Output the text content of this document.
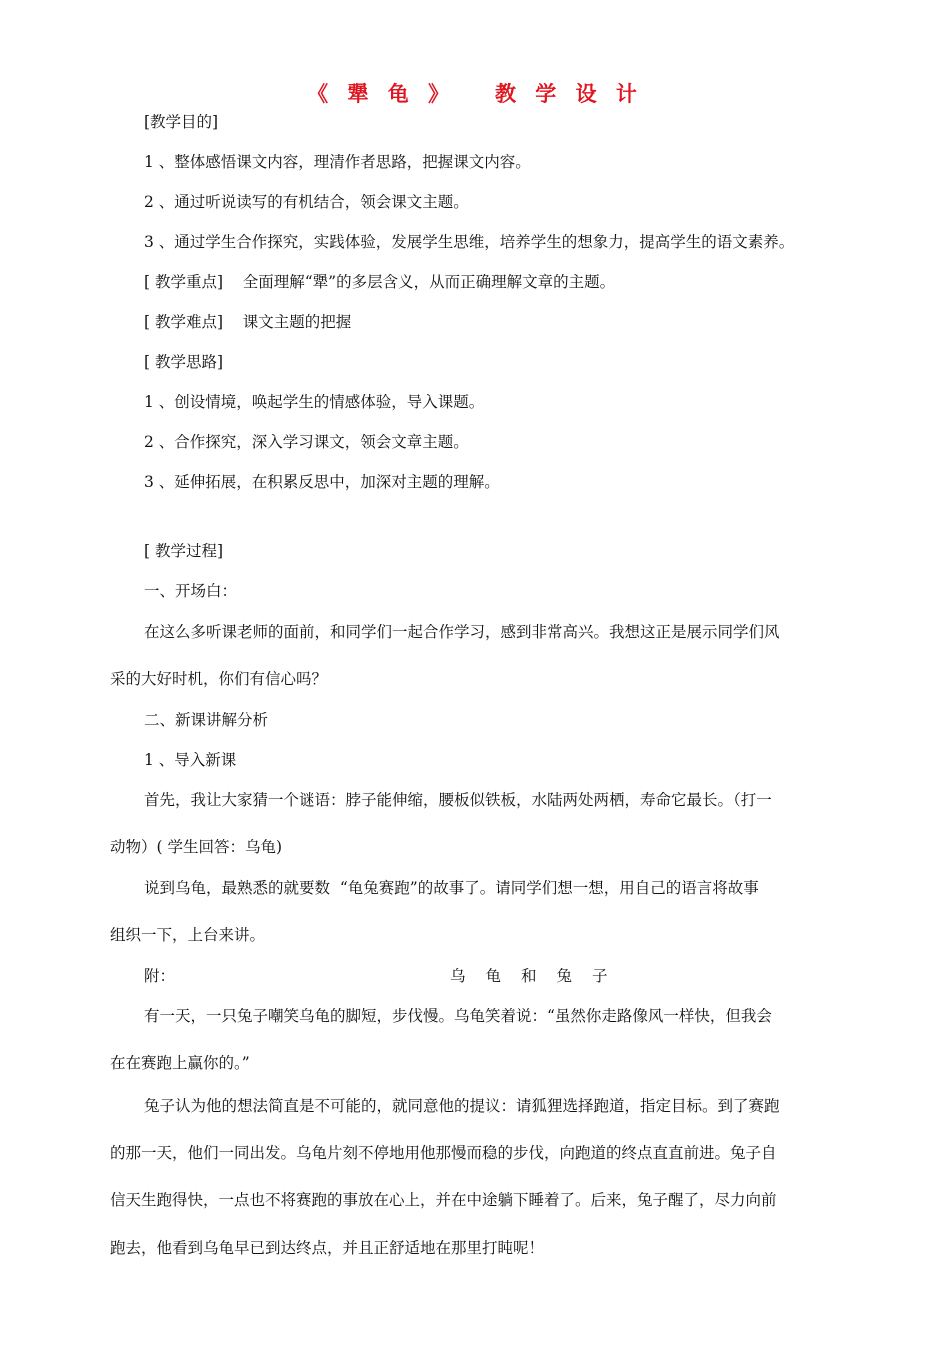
《 犟 龟 》   教 学 设 计
[教学目的]
1 、整体感悟课文内容，理清作者思路，把握课文内容。
2 、通过听说读写的有机结合，领会课文主题。
3 、通过学生合作探究，实践体验，发展学生思维，培养学生的想象力，提高学生的语文素养。
[ 教学重点]    全面理解“犟”的多层含义，从而正确理解文章的主题。
[ 教学难点]    课文主题的把握
[ 教学思路]
1 、创设情境，唤起学生的情感体验，导入课题。
2 、合作探究，深入学习课文，领会文章主题。
3 、延伸拓展，在积累反思中，加深对主题的理解。
[ 教学过程]
一、开场白：
在这么多听课老师的面前，和同学们一起合作学习，感到非常高兴。我想这正是展示同学们风
采的大好时机，你们有信心吗？
二、新课讲解分析
1 、导入新课
首先，我让大家猜一个谜语：脖子能伸缩，腰板似铁板，水陆两处两栖，寿命它最长。（打一
动物）( 学生回答：乌龟)
说到乌龟，最熟悉的就要数  “龟兔赛跑”的故事了。请同学们想一想，用自己的语言将故事
组织一下，上台来讲。
附：	乌龟和兔子
有一天，一只兔子嘲笑乌龟的脚短，步伐慢。乌龟笑着说：“虽然你走路像风一样快，但我会
在在赛跑上赢你的。”
兔子认为他的想法简直是不可能的，就同意他的提议：请狐狸选择跑道，指定目标。到了赛跑
的那一天，他们一同出发。乌龟片刻不停地用他那慢而稳的步伐，向跑道的终点直直前进。兔子自
信天生跑得快，一点也不将赛跑的事放在心上，并在中途躺下睡着了。后来，兔子醒了，尽力向前
跑去，他看到乌龟早已到达终点，并且正舒适地在那里打盹呢！
